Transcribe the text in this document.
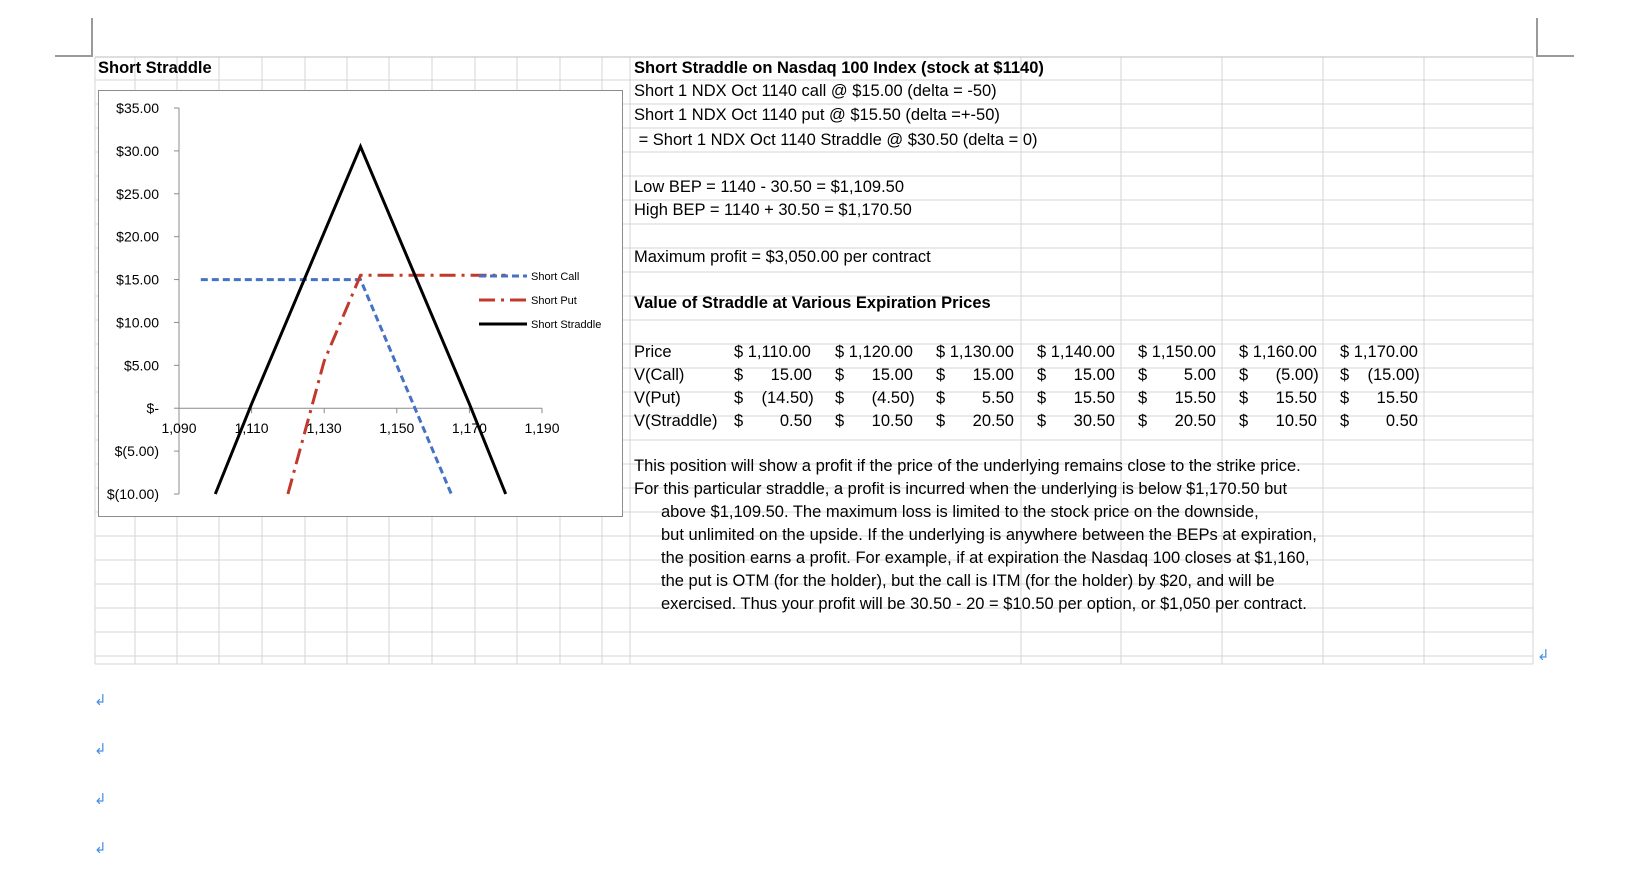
Short Straddle
$35.00
$30.00
$25.00
$20.00
$15.00
$10.00
$5.00
$-
$(5.00)
$(10.00)
1,090	1,110	1,130	1,150	1,170	1,190
Short Call
Short Put
Short Straddle
Short Straddle on Nasdaq 100 Index (stock at $1140)
Short 1 NDX Oct 1140 call @ $15.00 (delta = -50)
Short 1 NDX Oct 1140 put @ $15.50 (delta =+-50)
= Short 1 NDX Oct 1140 Straddle @ $30.50 (delta = 0)
Low BEP = 1140 - 30.50 = $1,109.50
High BEP = 1140 + 30.50 = $1,170.50
Maximum profit = $3,050.00 per contract
Value of Straddle at Various Expiration Prices
Price	$ 1,110.00	$ 1,120.00	$ 1,130.00	$ 1,140.00	$ 1,150.00	$ 1,160.00	$ 1,170.00
V(Call)	$      15.00	$      15.00	$      15.00	$      15.00	$        5.00	$      (5.00)	$    (15.00)
V(Put)	$    (14.50)	$      (4.50)	$        5.50	$      15.50	$      15.50	$      15.50	$      15.50
V(Straddle) $        0.50	$      10.50	$      20.50	$      30.50	$      20.50	$      10.50	$        0.50
This position will show a profit if the price of the underlying remains close to the strike price.
For this particular straddle, a profit is incurred when the underlying is below $1,170.50 but
above $1,109.50. The maximum loss is limited to the stock price on the downside,
but unlimited on the upside. If the underlying is anywhere between the BEPs at expiration,
the position earns a profit. For example, if at expiration the Nasdaq 100 closes at $1,160,
the put is OTM (for the holder), but the call is ITM (for the holder) by $20, and will be
exercised. Thus your profit will be 30.50 - 20 = $10.50 per option, or $1,050 per contract.
↲
↲
↲
↲
↲
